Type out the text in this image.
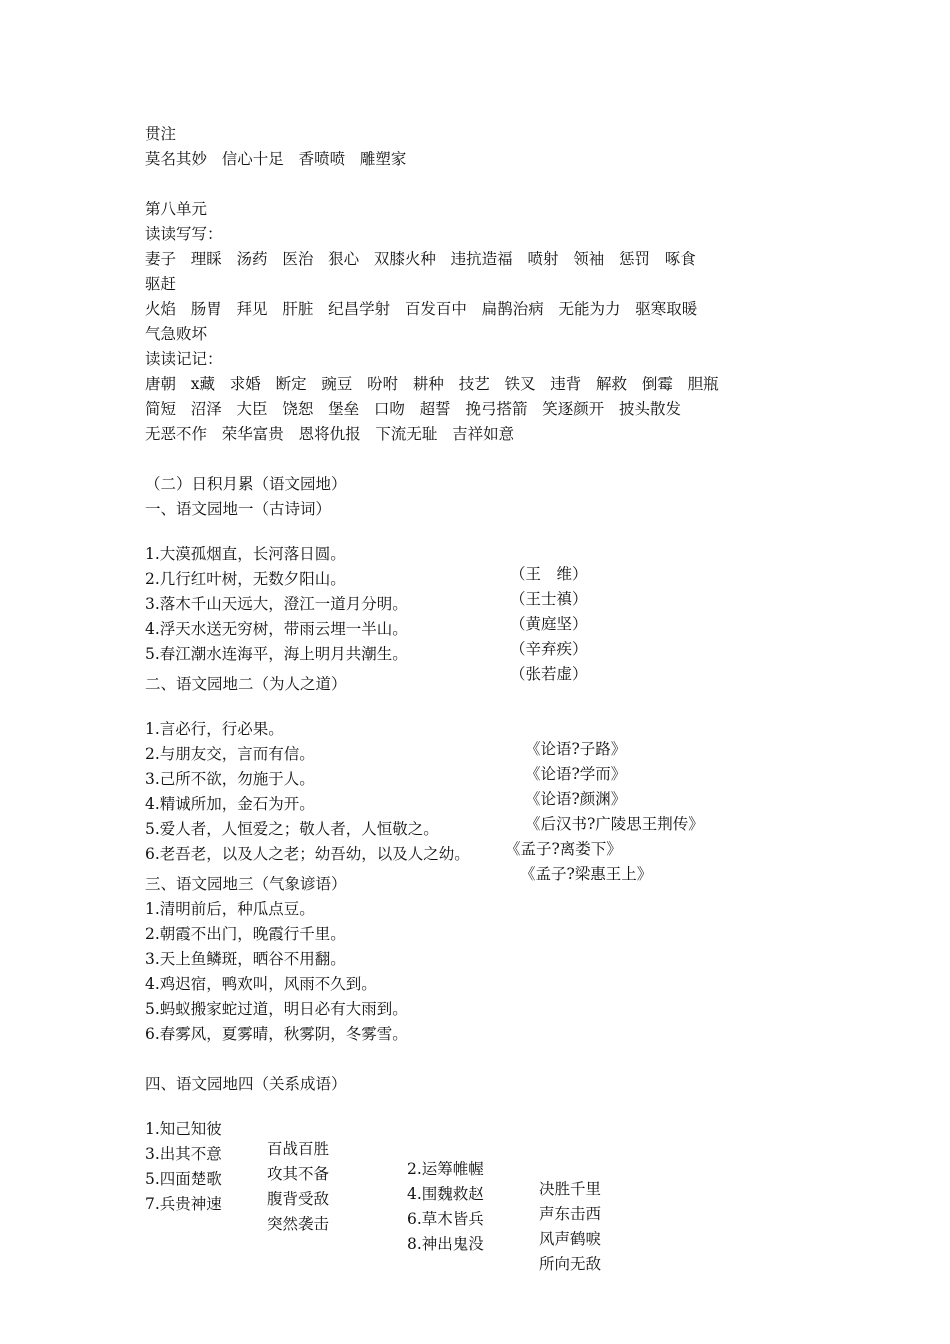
贯注
莫名其妙   信心十足   香喷喷   雕塑家
第八单元
读读写写：
妻子   理睬   汤药   医治   狠心   双膝火种   违抗造福   喷射   领袖   惩罚   啄食
驱赶
火焰   肠胃   拜见   肝脏   纪昌学射   百发百中   扁鹊治病   无能为力   驱寒取暖
气急败坏
读读记记：
唐朝   x藏   求婚   断定   豌豆   吩咐   耕种   技艺   铁叉   违背   解救   倒霉   胆瓶
简短   沼泽   大臣   饶恕   堡垒   口吻   超誓   挽弓搭箭   笑逐颜开   披头散发
无恶不作   荣华富贵   恩将仇报   下流无耻   吉祥如意
（二）日积月累（语文园地）
一、语文园地一（古诗词）

1.大漠孤烟直，长河落日圆。

（王　维）

2.几行红叶树，无数夕阳山。

（王士禛）

3.落木千山天远大，澄江一道月分明。

（黄庭坚）

4.浮天水送无穷树，带雨云埋一半山。

（辛弃疾）

5.春江潮水连海平，海上明月共潮生。

（张若虚）

二、语文园地二（为人之道）

1.言必行，行必果。

《论语?子路》

2.与朋友交，言而有信。

《论语?学而》

3.己所不欲，勿施于人。

《论语?颜渊》

4.精诚所加，金石为开。

《后汉书?广陵思王荆传》

5.爱人者，人恒爱之；敬人者，人恒敬之。

《孟子?离娄下》

6.老吾老，以及人之老；幼吾幼，以及人之幼。

《孟子?梁惠王上》

三、语文园地三（气象谚语）
1.清明前后，种瓜点豆。
2.朝霞不出门，晚霞行千里。
3.天上鱼鳞斑，晒谷不用翻。
4.鸡迟宿，鸭欢叫，风雨不久到。
5.蚂蚁搬家蛇过道，明日必有大雨到。
6.春雾风，夏雾晴，秋雾阴，冬雾雪。
四、语文园地四（关系成语）

1.知己知彼

百战百胜

2.运筹帷幄

决胜千里

3.出其不意

攻其不备

4.围魏救赵

声东击西

5.四面楚歌

腹背受敌

6.草木皆兵

风声鹤唳

7.兵贵神速

突然袭击

8.神出鬼没

所向无敌
